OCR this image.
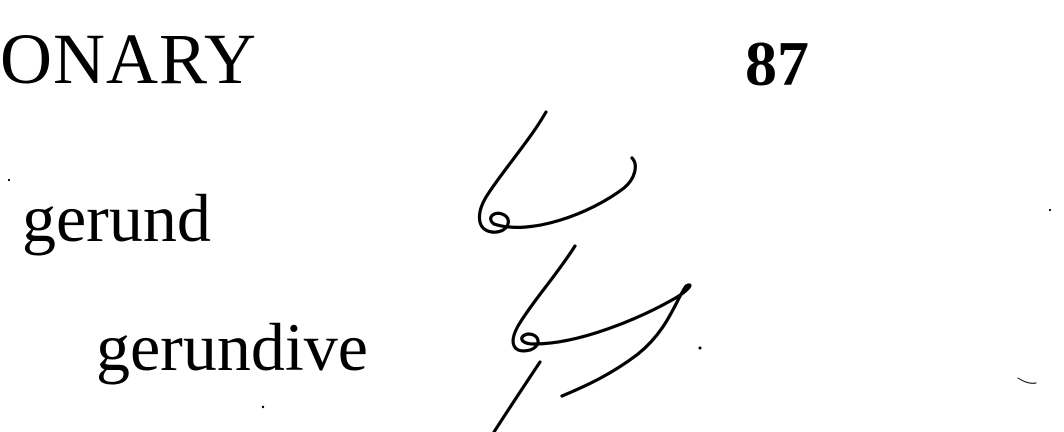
ONARY	87
gerund
gerundive
